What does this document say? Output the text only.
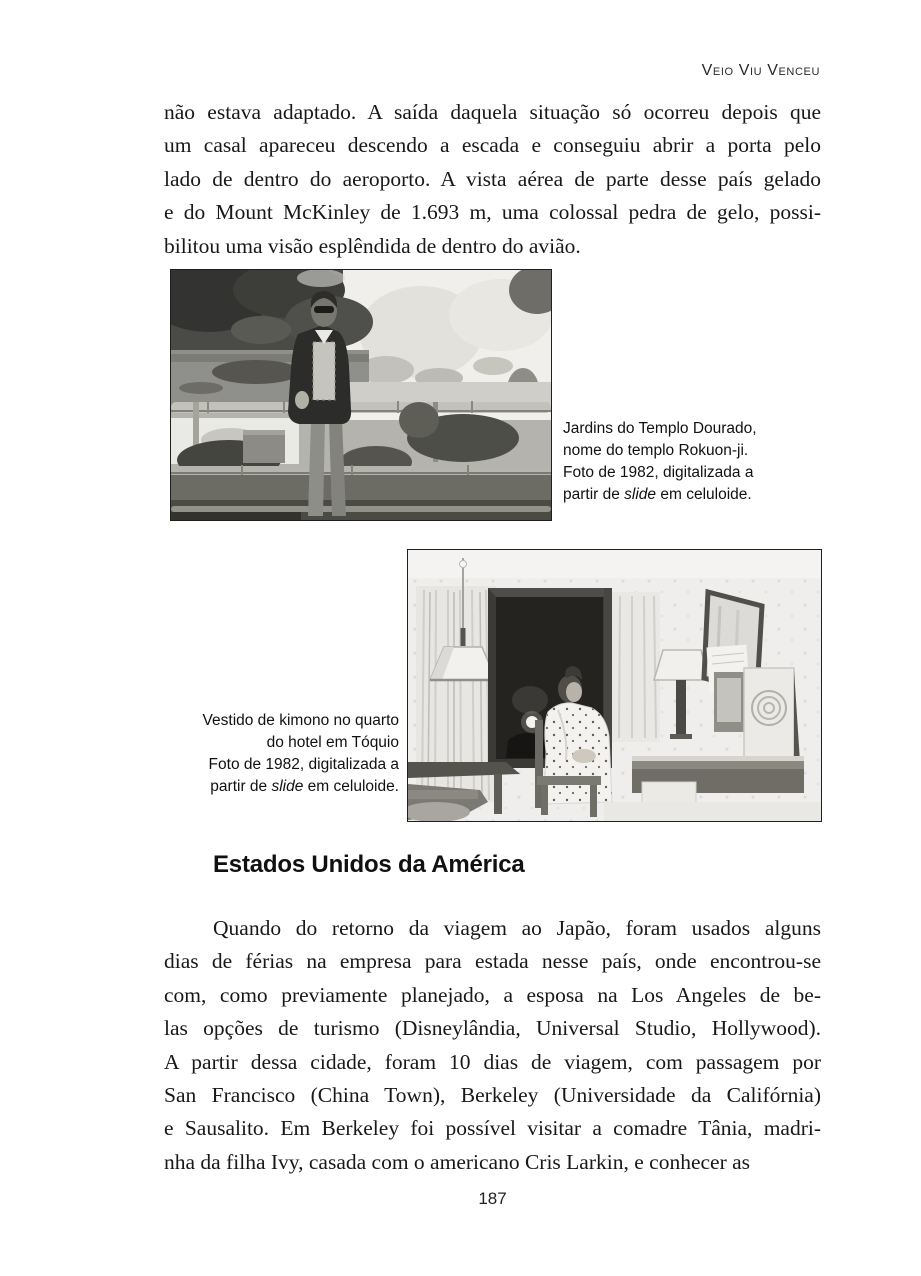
Veio Viu Venceu
não estava adaptado. A saída daquela situação só ocorreu depois que
um casal apareceu descendo a escada e conseguiu abrir a porta pelo
lado de dentro do aeroporto. A vista aérea de parte desse país gelado
e do Mount McKinley de 1.693 m, uma colossal pedra de gelo, possi-
bilitou uma visão esplêndida de dentro do avião.
Jardins do Templo Dourado,
nome do templo Rokuon-ji.
Foto de 1982, digitalizada a
partir de slide em celuloide.
Vestido de kimono no quarto
do hotel em Tóquio
Foto de 1982, digitalizada a
partir de slide em celuloide.
Estados Unidos da América
Quando do retorno da viagem ao Japão, foram usados alguns
dias de férias na empresa para estada nesse país, onde encontrou-se
com, como previamente planejado, a esposa na Los Angeles de be-
las opções de turismo (Disneylândia, Universal Studio, Hollywood).
A partir dessa cidade, foram 10 dias de viagem, com passagem por
San Francisco (China Town), Berkeley (Universidade da Califórnia)
e Sausalito. Em Berkeley foi possível visitar a comadre Tânia, madri-
nha da filha Ivy, casada com o americano Cris Larkin, e conhecer as
187
